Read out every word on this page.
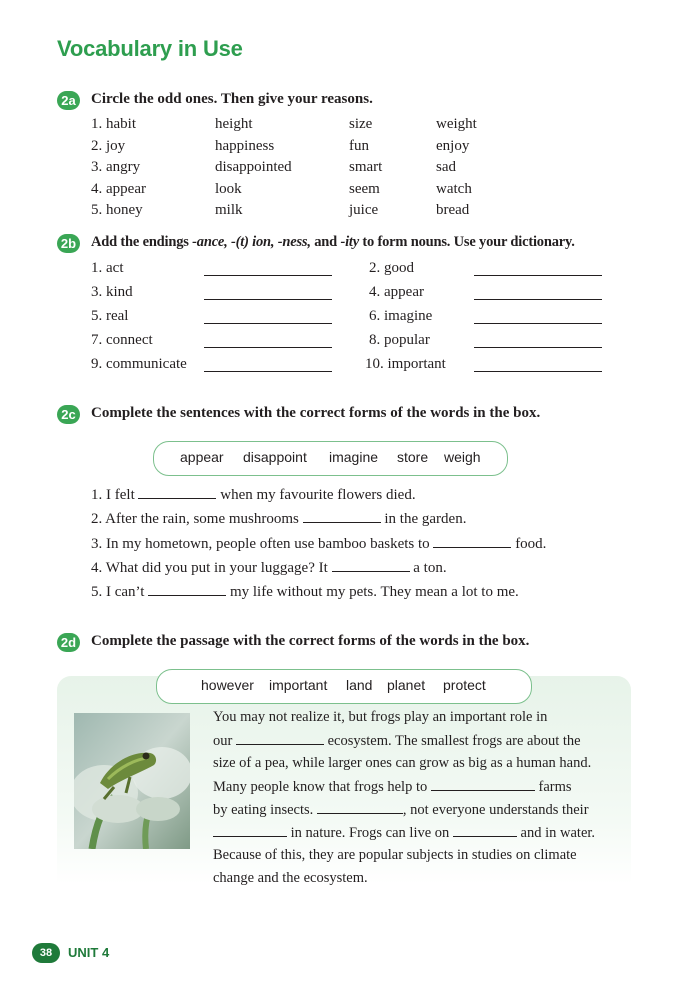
Vocabulary in Use
2a Circle the odd ones. Then give your reasons.
1. habit	height	size	weight
2. joy	happiness	fun	enjoy
3. angry	disappointed	smart	sad
4. appear	look	seem	watch
5. honey	milk	juice	bread
2b Add the endings -ance, -(t) ion, -ness, and -ity to form nouns. Use your dictionary.
1. act	2. good
3. kind	4. appear
5. real	6. imagine
7. connect	8. popular
9. communicate	10. important
2c Complete the sentences with the correct forms of the words in the box.
appear disappoint imagine store weigh
1. I felt	when my favourite flowers died.
2. After the rain, some mushrooms	in the garden.
3. In my hometown, people often use bamboo baskets to	food.
4. What did you put in your luggage? It	a ton.
5. I can’t	my life without my pets. They mean a lot to me.
2d Complete the passage with the correct forms of the words in the box.
however important land planet protect
You may not realize it, but frogs play an important role in
our	ecosystem. The smallest frogs are about the
size of a pea, while larger ones can grow as big as a human hand.
Many people know that frogs help to	farms
by eating insects.	, not everyone understands their
in nature. Frogs can live on	and in water.
Because of this, they are popular subjects in studies on climate
change and the ecosystem.
38	UNIT 4
